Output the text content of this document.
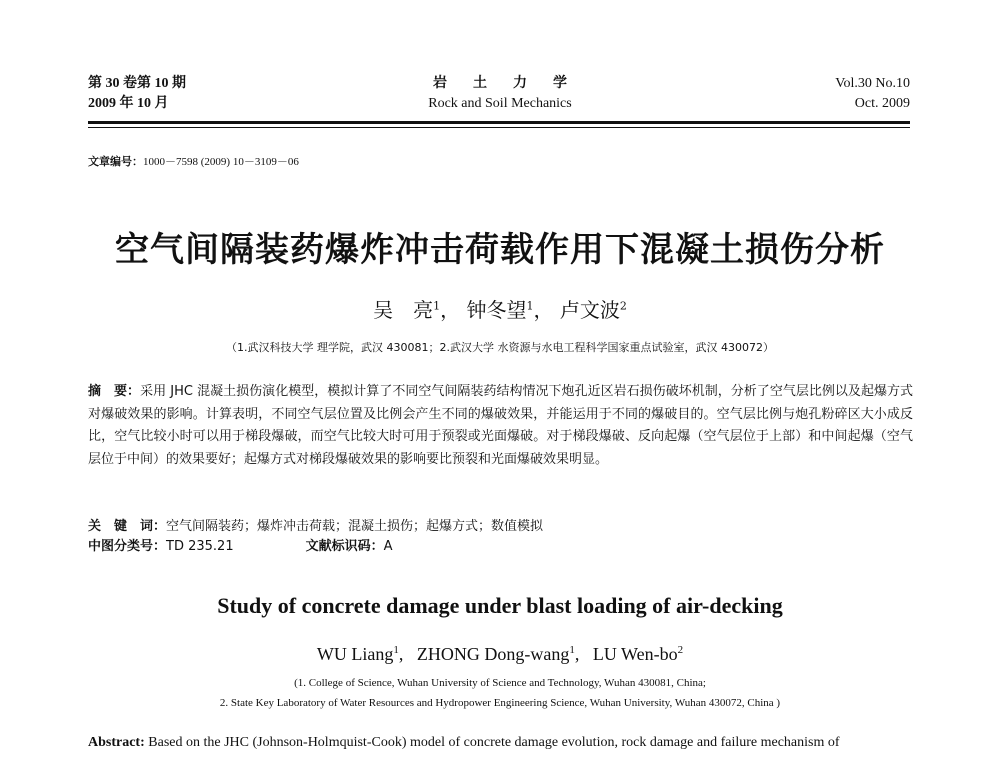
第 30 卷第 10 期
2009 年 10 月
岩土力学
Rock and Soil Mechanics
Vol.30 No.10
Oct. 2009
文章编号：1000－7598 (2009) 10－3109－06
空气间隔装药爆炸冲击荷载作用下混凝土损伤分析
吴　亮$^1$， 钟冬望$^1$， 卢文波$^2$
（1.武汉科技大学 理学院，武汉 430081；2.武汉大学 水资源与水电工程科学国家重点试验室，武汉 430072）
摘　要：采用 JHC 混凝土损伤演化模型，模拟计算了不同空气间隔装药结构情况下炮孔近区岩石损伤破坏机制，分析了空气层比例以及起爆方式对爆破效果的影响。计算表明，不同空气层位置及比例会产生不同的爆破效果，并能运用于不同的爆破目的。空气层比例与炮孔粉碎区大小成反比，空气比较小时可以用于梯段爆破，而空气比较大时可用于预裂或光面爆破。对于梯段爆破、反向起爆（空气层位于上部）和中间起爆（空气层位于中间）的效果要好；起爆方式对梯段爆破效果的影响要比预裂和光面爆破效果明显。
关　键　词：空气间隔装药；爆炸冲击荷载；混凝土损伤；起爆方式；数值模拟
中图分类号：TD 235.21	文献标识码：A
Study of concrete damage under blast loading of air-decking
WU Liang$^1$,   ZHONG Dong-wang$^1$,   LU Wen-$bo^2$
(1. College of Science, Wuhan University of Science and Technology, Wuhan 430081, China;
2. State Key Laboratory of Water Resources and Hydropower Engineering Science, Wuhan University, Wuhan 430072, China )
Abstract: Based on the JHC (Johnson-Holmquist-Cook) model of concrete damage evolution, rock damage and failure mechanism of
